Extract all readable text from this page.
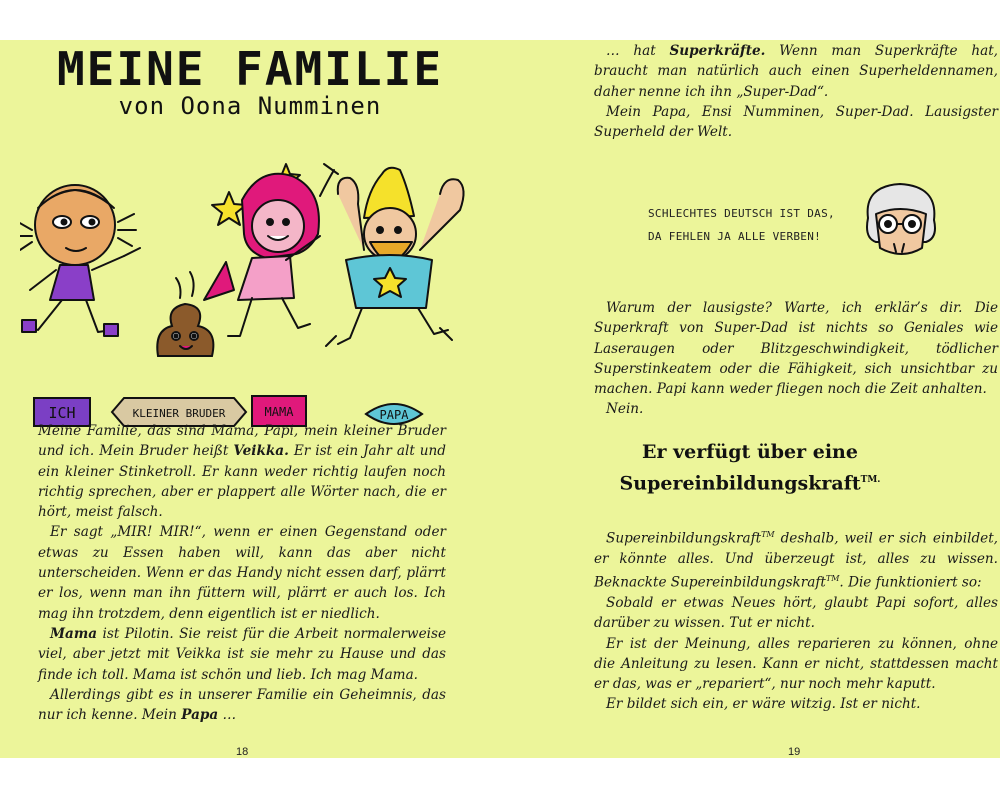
MEINE FAMILIE
von Oona Numminen
ICH	KLEINER BRUDER	MAMA	PAPA

Meine Familie, das sind Mama, Papi, mein kleiner Bruder und ich. Mein Bruder heißt Veikka. Er ist ein Jahr alt und ein kleiner Stinketroll. Er kann weder richtig laufen noch richtig sprechen, aber er plappert alle Wörter nach, die er hört, meist falsch.

Er sagt „MIR! MIR!“, wenn er einen Gegenstand oder etwas zu Essen haben will, kann das aber nicht unterscheiden. Wenn er das Handy nicht essen darf, plärrt er los, wenn man ihn füttern will, plärrt er auch los. Ich mag ihn trotzdem, denn eigentlich ist er niedlich.

Mama ist Pilotin. Sie reist für die Arbeit normalerweise viel, aber jetzt mit Veikka ist sie mehr zu Hause und das finde ich toll. Mama ist schön und lieb. Ich mag Mama.

Allerdings gibt es in unserer Familie ein Geheimnis, das nur ich kenne. Mein Papa …

18

… hat Superkräfte. Wenn man Superkräfte hat, braucht man natürlich auch einen Superheldennamen, daher nenne ich ihn „Super-Dad“.

Mein Papa, Ensi Numminen, Super-Dad. Lausigster Superheld der Welt.

SCHLECHTES DEUTSCH IST DAS,
DA FEHLEN JA ALLE VERBEN!

Warum der lausigste? Warte, ich erklär’s dir. Die Superkraft von Super-Dad ist nichts so Geniales wie Laseraugen oder Blitzgeschwindigkeit, tödlicher Superstinkeatem oder die Fähigkeit, sich unsichtbar zu machen. Papi kann weder fliegen noch die Zeit anhalten.

Nein.

Er verfügt über eine
Supereinbildungskraft$^{TM.}$

Supereinbildungskraft™ deshalb, weil er sich einbildet, er könnte alles. Und überzeugt ist, alles zu wissen. Beknackte Supereinbildungskraft™. Die funktioniert so:

Sobald er etwas Neues hört, glaubt Papi sofort, alles darüber zu wissen. Tut er nicht.

Er ist der Meinung, alles reparieren zu können, ohne die Anleitung zu lesen. Kann er nicht, stattdessen macht er das, was er „repariert“, nur noch mehr kaputt.

Er bildet sich ein, er wäre witzig. Ist er nicht.

19
